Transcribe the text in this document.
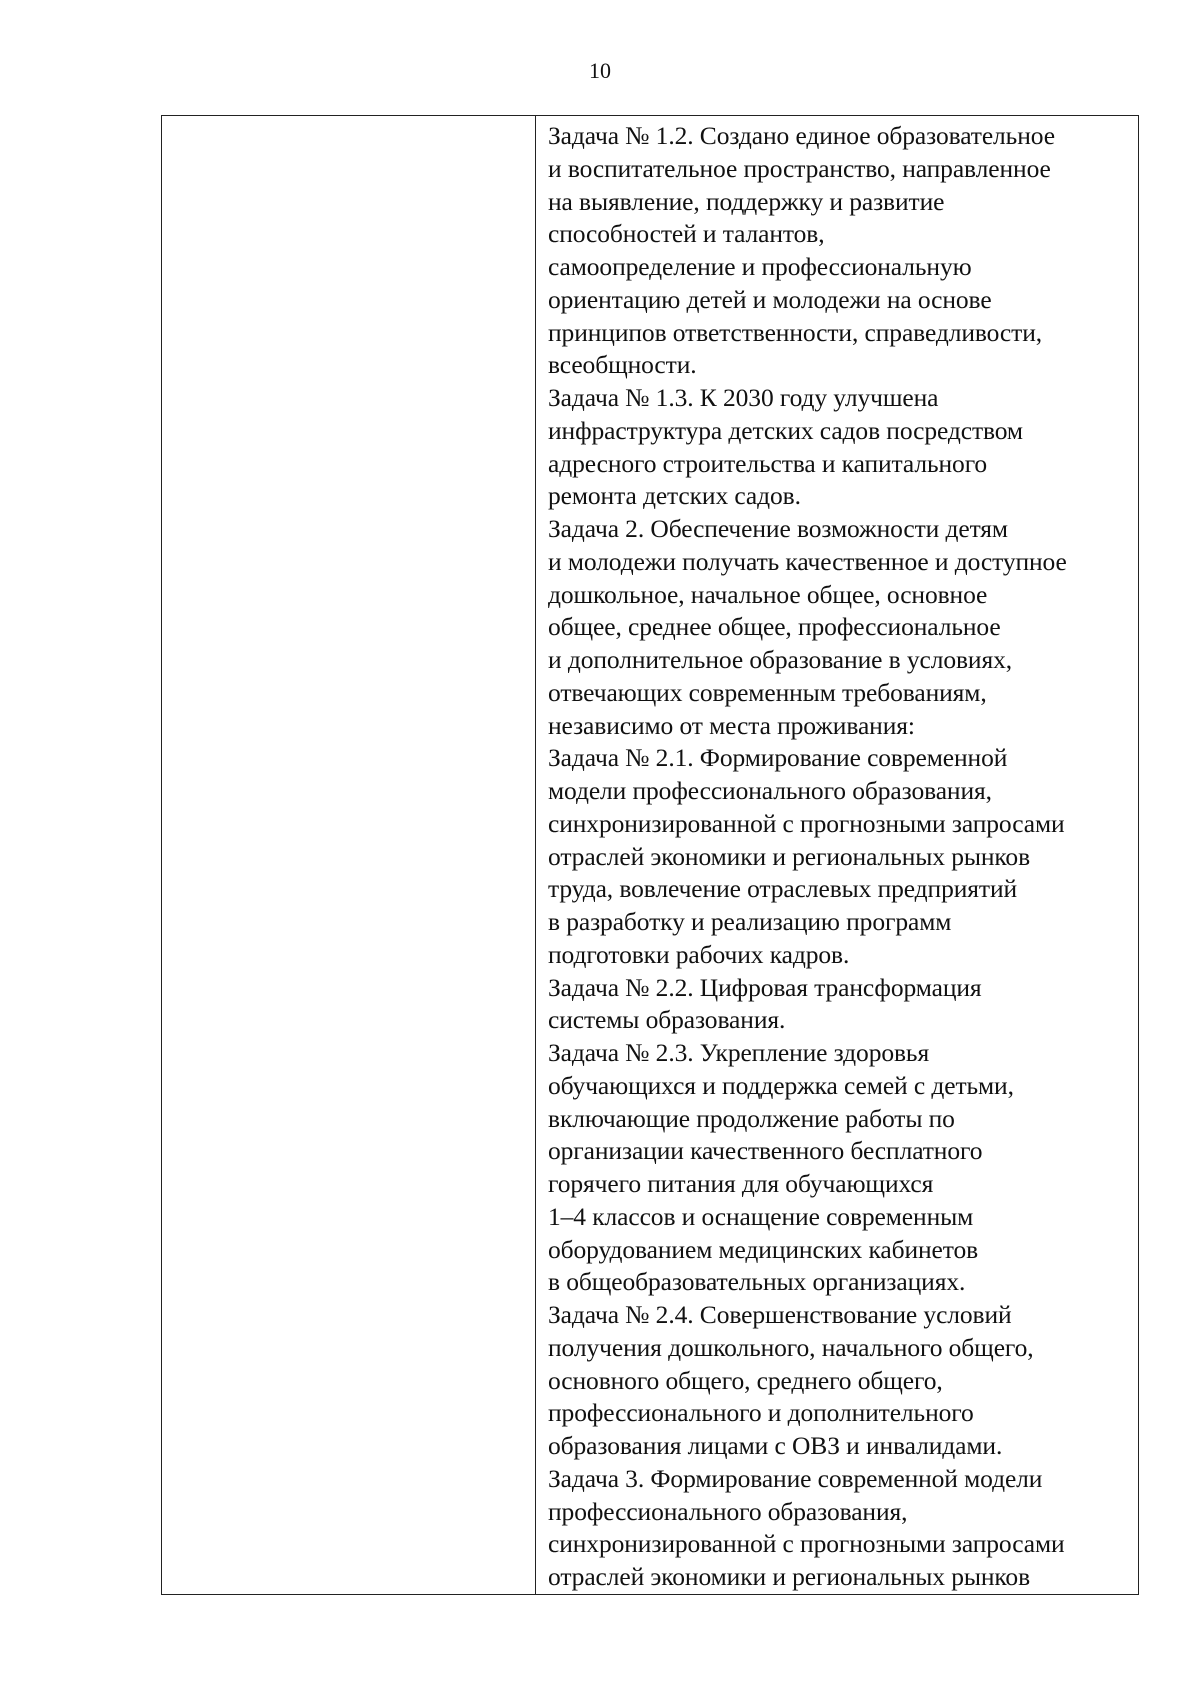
10
Задача № 1.2. Создано единое образовательное
и воспитательное пространство, направленное
на выявление, поддержку и развитие
способностей и талантов,
самоопределение и профессиональную
ориентацию детей и молодежи на основе
принципов ответственности, справедливости,
всеобщности.
Задача № 1.3. К 2030 году улучшена
инфраструктура детских садов посредством
адресного строительства и капитального
ремонта детских садов.
Задача 2. Обеспечение возможности детям
и молодежи получать качественное и доступное
дошкольное, начальное общее, основное
общее, среднее общее, профессиональное
и дополнительное образование в условиях,
отвечающих современным требованиям,
независимо от места проживания:
Задача № 2.1. Формирование современной
модели профессионального образования,
синхронизированной с прогнозными запросами
отраслей экономики и региональных рынков
труда, вовлечение отраслевых предприятий
в разработку и реализацию программ
подготовки рабочих кадров.
Задача № 2.2. Цифровая трансформация
системы образования.
Задача № 2.3. Укрепление здоровья
обучающихся и поддержка семей с детьми,
включающие продолжение работы по
организации качественного бесплатного
горячего питания для обучающихся
1–4 классов и оснащение современным
оборудованием медицинских кабинетов
в общеобразовательных организациях.
Задача № 2.4. Совершенствование условий
получения дошкольного, начального общего,
основного общего, среднего общего,
профессионального и дополнительного
образования лицами с ОВЗ и инвалидами.
Задача 3. Формирование современной модели
профессионального образования,
синхронизированной с прогнозными запросами
отраслей экономики и региональных рынков
